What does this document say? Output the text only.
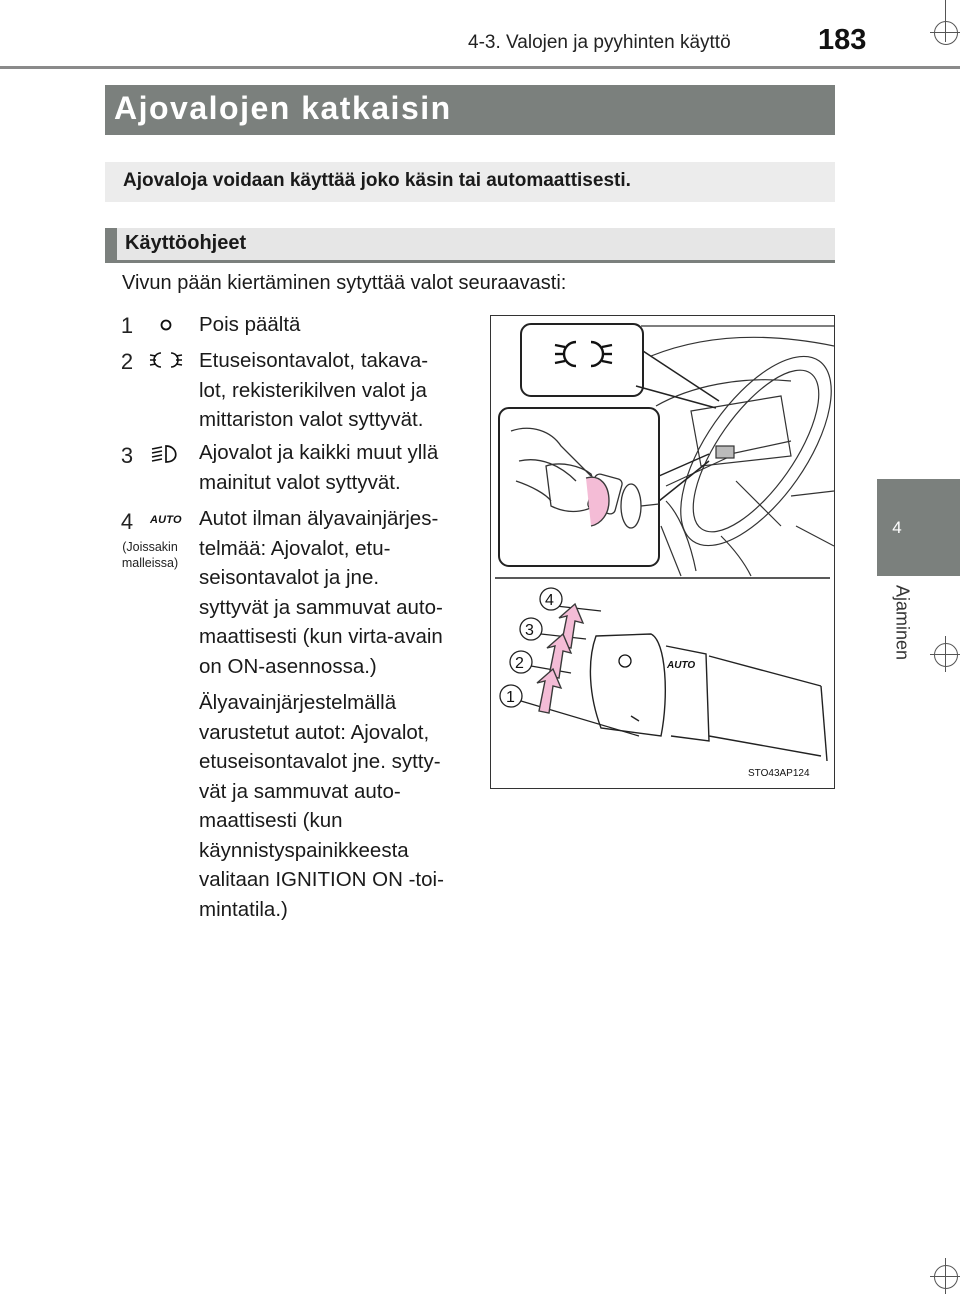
4-3. Valojen ja pyyhinten käyttö	183
4
Ajaminen
Ajovalojen katkaisin
Ajovaloja voidaan käyttää joko käsin tai automaattisesti.
Käyttöohjeet
Vivun pään kiertäminen sytyttää valot seuraavasti:
1	Pois päältä
2	Etuseisontavalot, takava-
lot, rekisterikilven valot ja
mittariston valot syttyvät.
3	Ajovalot ja kaikki muut yllä
mainitut valot syttyvät.
4	AUTO
(Joissakin
malleissa)
Autot ilman älyavainjärjes-
telmää: Ajovalot, etu-
seisontavalot ja jne.
syttyvät ja sammuvat auto-
maattisesti (kun virta-avain
on ON-asennossa.)
Älyavainjärjestelmällä
varustetut autot: Ajovalot,
etuseisontavalot jne. sytty-
vät ja sammuvat auto-
maattisesti (kun
käynnistyspainikkeesta
valitaan IGNITION ON -toi-
mintatila.)
AUTO
4
3
2
1
STO43AP124
